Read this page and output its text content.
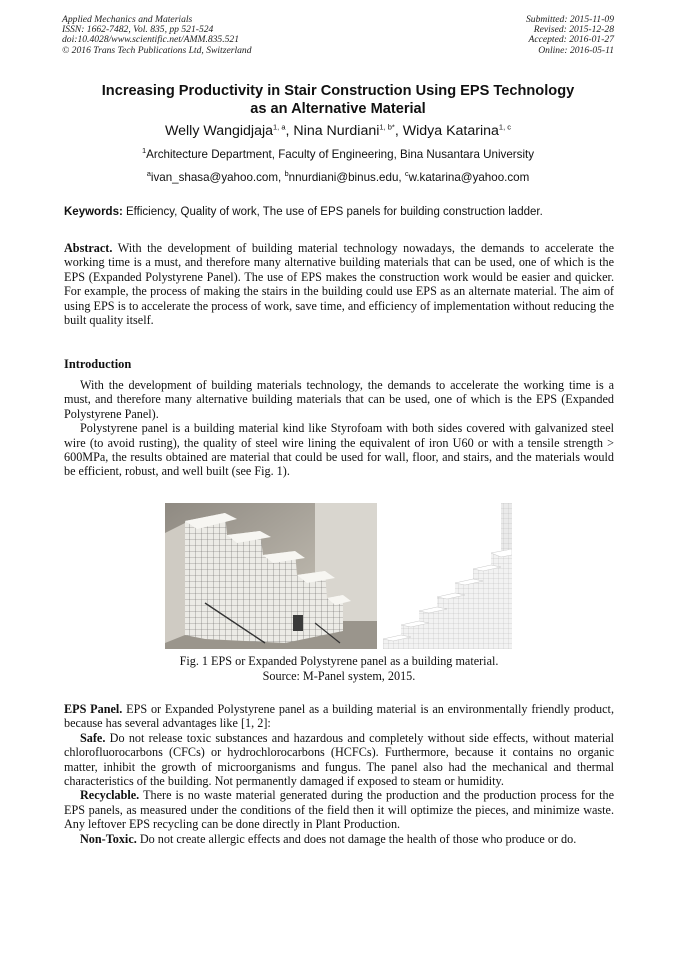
Applied Mechanics and Materials
ISSN: 1662-7482, Vol. 835, pp 521-524
doi:10.4028/www.scientific.net/AMM.835.521
© 2016 Trans Tech Publications Ltd, Switzerland
Submitted: 2015-11-09
Revised: 2015-12-28
Accepted: 2016-01-27
Online: 2016-05-11
Increasing Productivity in Stair Construction Using EPS Technology
as an Alternative Material
Welly Wangidjaja$^{1, a}$, Nina Nurdiani$^{1, b*}$, Widya Katarina$^{1, c}$
$^1$Architecture Department, Faculty of Engineering, Bina Nusantara University
$^a$ivan_shasa@yahoo.com, $^b$nnurdiani@binus.edu, $^c$w.katarina@yahoo.com
Keywords: Efficiency, Quality of work, The use of EPS panels for building construction ladder.
Abstract. With the development of building material technology nowadays, the demands to accelerate the working time is a must, and therefore many alternative building materials that can be used, one of which is the EPS (Expanded Polystyrene Panel). The use of EPS makes the construction work would be easier and quicker. For example, the process of making the stairs in the building could use EPS as an alternate material. The aim of using EPS is to accelerate the process of work, save time, and efficiency of implementation without reducing the built quality itself.
Introduction

With the development of building materials technology, the demands to accelerate the working time is a must, and therefore many alternative building materials that can be used, one of which is the EPS (Expanded Polystyrene Panel).

Polystyrene panel is a building material kind like Styrofoam with both sides covered with galvanized steel wire (to avoid rusting), the quality of steel wire lining the equivalent of iron U60 or with a tensile strength > 600MPa, the results obtained are material that could be used for wall, floor, and stairs, and the materials would be efficient, robust, and well built (see Fig. 1).

Fig. 1 EPS or Expanded Polystyrene panel as a building material.
Source: M-Panel system, 2015.

EPS Panel. EPS or Expanded Polystyrene panel as a building material is an environmentally friendly product, because has several advantages like [1, 2]:

Safe. Do not release toxic substances and hazardous and completely without side effects, without material chlorofluorocarbons (CFCs) or hydrochlorocarbons (HCFCs). Furthermore, because it contains no organic matter, inhibit the growth of microorganisms and fungus. The panel also had the mechanical and thermal characteristics of the building. Not permanently damaged if exposed to steam or humidity.

Recyclable. There is no waste material generated during the production and the production process for the EPS panels, as measured under the conditions of the field then it will optimize the pieces, and minimize waste. Any leftover EPS recycling can be done directly in Plant Production.

Non-Toxic. Do not create allergic effects and does not damage the health of those who produce or do.
